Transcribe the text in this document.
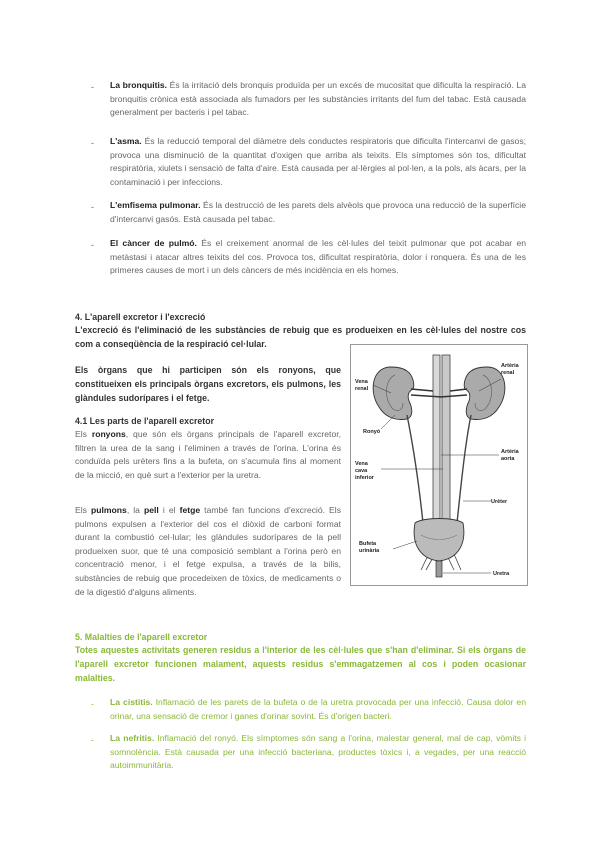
- La bronquitis. És la irritació dels bronquis produïda per un excés de mucositat que dificulta la respiració. La bronquitis crònica està associada als fumadors per les substàncies irritants del fum del tabac. Està causada generalment per bacteris i pel tabac.

- L'asma. És la reducció temporal del diàmetre dels conductes respiratoris que dificulta l'intercanvi de gasos; provoca una disminució de la quantitat d'oxigen que arriba als teixits. Els símptomes són tos, dificultat respiratòria, xiulets i sensació de falta d'aire. Està causada per al·lèrgies al pol·len, a la pols, als àcars, per la contaminació i per infeccions.

- L'emfisema pulmonar. És la destrucció de les parets dels alvèols que provoca una reducció de la superfície d'intercanvi gasós. Està causada pel tabac.

- El càncer de pulmó. És el creixement anormal de les cèl·lules del teixit pulmonar que pot acabar en metàstasi i atacar altres teixits del cos. Provoca tos, dificultat respiratòria, dolor i ronquera. És una de les primeres causes de mort i un dels càncers de més incidència en els homes.

4. L'aparell excretor i l'excreció
L'excreció és l'eliminació de les substàncies de rebuig que es produeixen en les cèl·lules del nostre cos com a conseqüència de la respiració cel·lular.
Els òrgans que hi participen són els ronyons, que constitueixen els principals òrgans excretors, els pulmons, les glàndules sudorípares i el fetge.
4.1 Les parts de l'aparell excretor

Els ronyons, que són els òrgans principals de l'aparell excretor, filtren la urea de la sang i l'eliminen a través de l'orina. L'orina és conduïda pels urèters fins a la bufeta, on s'acumula fins al moment de la micció, en què surt a l'exterior per la uretra.

Els pulmons, la pell i el fetge també fan funcions d'excreció. Els pulmons expulsen a l'exterior del cos el diòxid de carboni format durant la combustió cel·lular; les glàndules sudorípares de la pell produeixen suor, que té una composició semblant a l'orina però en concentració menor, i el fetge expulsa, a través de la bilis, substàncies de rebuig que procedeixen de tòxics, de medicaments o de la digestió d'alguns aliments.

Vena
renal
Artèria
renal
Ronyó
Artèria
aorta
Vena
cava
inferior
Urèter
Bufeta
urinària
Uretra
5. Malalties de l'aparell excretor
Totes aquestes activitats generen residus a l'interior de les cèl·lules que s'han d'eliminar. Si els òrgans de l'aparell excretor funcionen malament, aquests residus s'emmagatzemen al cos i poden ocasionar malalties.
- La cistitis. Inflamació de les parets de la bufeta o de la uretra provocada per una infecció. Causa dolor en orinar, una sensació de cremor i ganes d'orinar sovint. És d'origen bacteri.

- La nefritis. Inflamació del ronyó. Els símptomes són sang a l'orina, malestar general, mal de cap, vòmits i somnolència. Està causada per una infecció bacteriana, productes tòxics i, a vegades, per una reacció autoimmunitària.
